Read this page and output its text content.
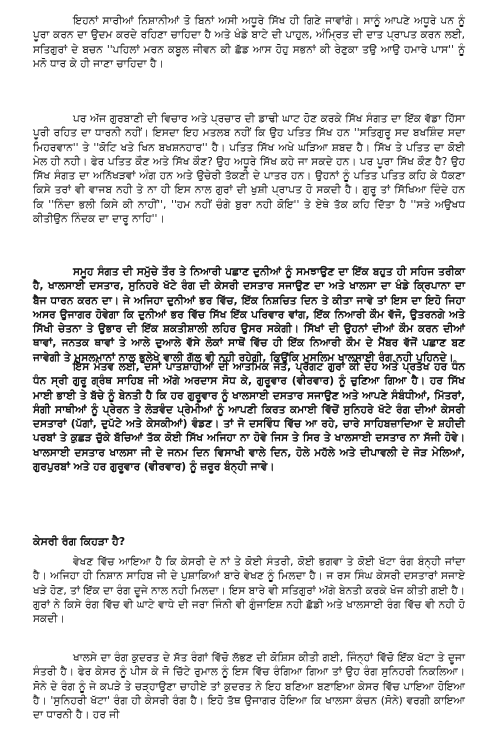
ਇਹਨਾਂ ਸਾਰੀਆਂ ਨਿਸ਼ਾਨੀਆਂ ਤੋ ਬਿਨਾਂ ਅਸੀ ਅਧੂਰੇ ਸਿੱਖ ਹੀ ਗਿਣੇ ਜਾਵਾਂਗੇ। ਸਾਨੂੰ ਆਪਣੇ ਅਧੂਰੇ ਪਨ ਨੂੰ ਪੂਰਾ ਕਰਨ ਦਾ ਉਦਮ ਕਰਦੇ ਰਹਿਣਾ ਚਾਹਿਦਾ ਹੈ ਅਤੇ ਖੰਡੇ ਬਾਟੇ ਦੀ ਪਾਹੁਲ, ਅੰਮ੍ਰਿਤ ਦੀ ਦਾਤ ਪ੍ਰਾਪਤ ਕਰਨ ਲਈ, ਸਤਿਗੁਰਾਂ ਦੇ ਬਚਨ ''ਪਹਿਲਾਂ ਮਰਨ ਕਬੂਲ ਜੀਵਨ ਕੀ ਛੱਡ ਆਸ ਹੋਹੁ ਸਭਨਾਂ ਕੀ ਰੇਣੁਕਾ ਤਉ ਆਉ ਹਮਾਰੇ ਪਾਸ'' ਨੂੰ ਮਨੋ ਧਾਰ ਕੇ ਹੀ ਜਾਣਾ ਚਾਹਿਦਾ ਹੈ।

ਪਰ ਅੱਜ ਗੁਰਬਾਣੀ ਦੀ ਵਿਚਾਰ ਅਤੇ ਪ੍ਰਚਾਰ ਦੀ ਡਾਢੀ ਘਾਟ ਹੋਣ ਕਰਕੇ ਸਿੱਖ ਸੰਗਤ ਦਾ ਇੱਕ ਵੱਡਾ ਹਿੱਸਾ ਪੂਰੀ ਰਹਿਤ ਦਾ ਧਾਰਨੀ ਨਹੀਂ। ਇਸਦਾ ਇਹ ਮਤਲਬ ਨਹੀਂ ਕਿ ਉਹ ਪਤਿਤ ਸਿੱਖ ਹਨ ''ਸਤਿਗੁਰੂ ਸਦ ਬਖਸ਼ਿੰਦ ਸਦਾ ਮਿਹਰਵਾਨ'' ਤੇ ''ਕੋਟਿ ਖਤੇ ਖਿਨ ਬਖਸ਼ਨਹਾਰ'' ਹੈ। ਪਤਿਤ ਸਿੱਖ ਅਖੇ ਘੜਿਆ ਸ਼ਬਦ ਹੈ। ਸਿੱਖ ਤੇ ਪਤਿਤ ਦਾ ਕੋਈ ਮੇਲ ਹੀ ਨਹੀ। ਫੇਰ ਪਤਿਤ ਕੌਣ ਅਤੇ ਸਿੱਖ ਕੌਣ? ਉਹ ਅਧੂਰੇ ਸਿੱਖ ਕਹੇ ਜਾ ਸਕਦੇ ਹਨ। ਪਰ ਪੂਰਾ ਸਿੱਖ ਕੌਣ ਹੈ? ਉਹ ਸਿੱਖ ਸੰਗਤ ਦਾ ਅਨਿੱਖੜਵਾਂ ਅੰਗ ਹਨ ਅਤੇ ਉਚੇਰੀ ਤੱਕਣੀ ਦੇ ਪਾਤਰ ਹਨ। ਉਹਨਾਂ ਨੂੰ ਪਤਿਤ ਪਤਿਤ ਕਹਿ ਕੇ ਧੱਕਣਾ ਕਿਸੇ ਤਰਾਂ ਵੀ ਵਾਜਬ ਨਹੀ ਤੇ ਨਾ ਹੀ ਇਸ ਨਾਲ ਗੁਰਾਂ ਦੀ ਖੁਸ਼ੀ ਪ੍ਰਾਪਤ ਹੋ ਸਕਦੀ ਹੈ। ਗੁਰੂ ਤਾਂ ਸਿੱਖਿਆ ਦਿੰਦੇ ਹਨ ਕਿ ''ਨਿੰਦਾ ਭਲੀ ਕਿਸੇ ਕੀ ਨਾਹੀਂ'', ''ਹਮ ਨਹੀਂ ਚੰਗੇ ਬੁਰਾ ਨਹੀ ਕੋਇ'' ਤੇ ਏਥੇ ਤੱਕ ਕਹਿ ਦਿੱਤਾ ਹੈ ''ਸਤੇ ਅਉਖਧ ਕੀਤੀਉਨ ਨਿੰਦਕ ਦਾ ਦਾਰੂ ਨਾਹਿ''।

ਸਮੂਹ ਸੰਗਤ ਦੀ ਸਮੁੱਚੇ ਤੌਰ ਤੇ ਨਿਆਰੀ ਪਛਾਣ ਦੁਨੀਆਂ ਨੂੰ ਸਮਝਾਉਣ ਦਾ ਇੱਕ ਬਹੁਤ ਹੀ ਸਹਿਜ ਤਰੀਕਾ ਹੈ, ਖਾਲਸਾਈ ਦਸਤਾਰ, ਸੁਨਿਹਰੇ ਖੱਟੇ ਰੰਗ ਦੀ ਕੇਸਰੀ ਦਸਤਾਰ ਸਜਾਉਣ ਦਾ ਅਤੇ ਖਾਲਸਾ ਦਾ ਖੰਡੇ ਕ੍ਰਿਪਾਨਾ ਦਾ ਬੈਜ ਧਾਰਨ ਕਰਨ ਦਾ। ਜੇ ਅਜਿਹਾ ਦੁਨੀਆਂ ਭਰ ਵਿੱਚ, ਇੱਕ ਨਿਸ਼ਚਿਤ ਦਿਨ ਤੇ ਕੀਤਾ ਜਾਵੇ ਤਾਂ ਇਸ ਦਾ ਇਹੋ ਜਿਹਾ ਅਸਰ ਉਜਾਗਰ ਹੋਵੇਗਾ ਕਿ ਦੁਨੀਆਂ ਭਰ ਵਿੱਚ ਸਿੱਖ ਇੱਕ ਪਰਿਵਾਰ ਵਾਂਗ, ਇੱਕ ਨਿਆਰੀ ਕੌਮ ਵੱਜੋ, ਉਤਰਨਗੇ ਅਤੇ ਸਿੱਖੀ ਚੇਤਨਾ ਤੇ ਉਭਾਰ ਦੀ ਇੱਕ ਸ਼ਕਤੀਸ਼ਾਲੀ ਲਹਿਰ ਉਸਰ ਸਕੇਗੀ। ਸਿੱਖਾਂ ਦੀ ਉਹਨਾਂ ਦੀਆਂ ਕੌਮ ਕਰਨ ਦੀਆਂ ਥਾਵਾਂ, ਜਨਤਕ ਥਾਵਾਂ ਤੇ ਆਲੇ ਦੁਆਲੇ ਵੱਸੇ ਲੋਕਾਂ ਸਾਥੋਂ ਵਿੱਚ ਹੀ ਇੱਕ ਨਿਆਰੀ ਕੌਮ ਦੇ ਮੈਂਬਰ ਵੱਜੋਂ ਪਛਾਣ ਬਣ ਜਾਵੇਗੀ ਤੇ ਮੁਸਲਮਾਨਾਂ ਨਾਲ ਭੁਲੇਖੇ ਵਾਲੀ ਗੱਲ ਵੀ ਨਹੀ ਰਹੇਗੀ, ਕਿਉਂਕਿ ਮੁਸਲਿਮ ਖਾਲਸਾਈ ਰੰਗ ਨਹੀ ਪਹਿਨਦੇ।

ਇਸ ਮੰਤਵ ਲਈ, ਦਸਾਂ ਪਾਤਸ਼ਾਹੀਆਂ ਦੀ ਆਤਮਿਕ ਜੋਤ, ਪ੍ਰਗਟ ਗੁਰਾਂ ਕੀ ਦੇਹ ਅਤੇ ਪ੍ਰਤੱਖ ਹਰ ਧੰਨ ਧੰਨ ਸ੍ਰੀ ਗੁਰੂ ਗ੍ਰੰਥ ਸਾਹਿਬ ਜੀ ਅੱਗੇ ਅਰਦਾਸ ਸੋਧ ਕੇ, ਗੁਰੂਵਾਰ (ਵੀਰਵਾਰ) ਨੂੰ ਚੁਣਿਆ ਗਿਆ ਹੈ। ਹਰ ਸਿੱਖ ਮਾਈ ਭਾਈ ਤੇ ਬੱਚੇ ਨੂੰ ਬੇਨਤੀ ਹੈ ਕਿ ਹਰ ਗੁਰੂਵਾਰ ਨੂੰ ਖਾਲਸਾਈ ਦਸਤਾਰ ਸਜਾਉਣ ਅਤੇ ਆਪਣੇ ਸੰਬੰਧੀਆਂ, ਮਿੱਤਰਾਂ, ਸੰਗੀ ਸਾਥੀਆਂ ਨੂੰ ਪ੍ਰੇਰਨ ਤੇ ਲੋੜਵੰਦ ਪ੍ਰੇਮੀਆਂ ਨੂੰ ਆਪਣੀ ਕਿਰਤ ਕਮਾਈ ਵਿੱਚੋਂ ਸੁਨਿਹਰੇ ਖੱਟੇ ਰੰਗ ਦੀਆਂ ਕੇਸਰੀ ਦਸਤਾਰਾਂ (ਪੱਗਾਂ, ਦੁਪੱਟੇ ਅਤੇ ਕੇਸਕੀਆਂ) ਵੰਡਣ। ਤਾਂ ਜੋ ਦਸਵਿੰਧ ਵਿੱਚ ਆ ਰਹੇ, ਚਾਰੇ ਸਾਹਿਬਜ਼ਾਦਿਆ ਦੇ ਸ਼ਹੀਦੀ ਪਰਬਾਂ ਤੇ ਕੁਛੜ ਚੁੱਕੇ ਬੱਚਿਆਂ ਤੱਕ ਕੋਈ ਸਿੱਖ ਅਜਿਹਾ ਨਾ ਹੋਵੇ ਜਿਸ ਤੇ ਸਿਰ ਤੇ ਖਾਲਸਾਈ ਦਸਤਾਰ ਨਾ ਸੱਜੀ ਹੋਵੇ। ਖਾਲਸਾਈ ਦਸਤਾਰ ਖਾਲਸਾ ਜੀ ਦੇ ਜਨਮ ਦਿਨ ਵਿਸਾਖੀ ਵਾਲੇ ਦਿਨ, ਹੋਲੇ ਮਹੱਲੇ ਅਤੇ ਦੀਪਾਵਲੀ ਦੇ ਜੋੜ ਮੇਲਿਆਂ, ਗੁਰਪੁਰਬਾਂ ਅਤੇ ਹਰ ਗੁਰੂਵਾਰ (ਵੀਰਵਾਰ) ਨੂੰ ਜ਼ਰੂਰ ਬੰਨ੍ਹੀ ਜਾਵੇ।

ਕੇਸਰੀ ਰੰਗ ਕਿਹੜਾ ਹੈ?

ਵੇਖਣ ਵਿੱਚ ਆਇਆ ਹੈ ਕਿ ਕੇਸਰੀ ਦੇ ਨਾਂ ਤੇ ਕੋਈ ਸੰਤਰੀ, ਕੋਈ ਭਗਵਾ ਤੇ ਕੋਈ ਖੱਟਾ ਰੰਗ ਬੰਨ੍ਹੀ ਜਾਂਦਾ ਹੈ। ਅਜਿਹਾ ਹੀ ਨਿਸ਼ਾਨ ਸਾਹਿਬ ਜੀ ਦੇ ਪੁਸ਼ਾਕਿਆਂ ਬਾਰੇ ਵੇਖਣ ਨੂੰ ਮਿਲਦਾ ਹੈ। ਜ ਰਸ ਸਿੰਘ ਕੇਸਰੀ ਦਸਤਾਰਾਂ ਸਜਾਏ ਖੜੇ ਹੋਣ, ਤਾਂ ਇੱਕ ਦਾ ਰੰਗ ਦੂਜੇ ਨਾਲ ਨਹੀ ਮਿਲਦਾ। ਇਸ ਬਾਰੇ ਵੀ ਸਤਿਗੁਰਾਂ ਅੱਗੇ ਬੇਨਤੀ ਕਰਕੇ ਖੋਜ ਕੀਤੀ ਗਈ ਹੈ। ਗੁਰਾਂ ਨੇ ਕਿਸੇ ਰੰਗ ਵਿੱਚ ਵੀ ਘਾਟੇ ਵਾਧੇ ਦੀ ਜਰਾ ਜਿੰਨੀ ਵੀ ਗੁੰਜਾਇਸ਼ ਨਹੀ ਛੱਡੀ ਅਤੇ ਖਾਲਸਾਈ ਰੰਗ ਵਿੱਚ ਵੀ ਨਹੀ ਹੋ ਸਕਦੀ।

ਖਾਲਸੇ ਦਾ ਰੰਗ ਕੁਦਰਤ ਦੇ ਸੱਤ ਰੰਗਾਂ ਵਿੱਚੋ ਲੱਭਣ ਦੀ ਕੋਸ਼ਿਸ ਕੀਤੀ ਗਈ, ਜਿੰਨ੍ਹਾਂ ਵਿੱਚੋ ਇੱਕ ਖੱਟਾ ਤੇ ਦੂਜਾ ਸੰਤਰੀ ਹੈ। ਫੇਰ ਕੇਸਰ ਨੂੰ ਪੀਸ ਕੇ ਜੋ ਚਿੱਟੇ ਰੁਮਾਲ ਨੂੰ ਇਸ ਵਿੱਚ ਰੰਗਿਆ ਗਿਆ ਤਾਂ ਉਹ ਰੰਗ ਸੁਨਿਹਰੀ ਨਿਕਲਿਆ। ਸੋਨੇ ਦੇ ਰੰਗ ਨੂੰ ਜੇ ਕਪੜੇ ਤੇ ਚੜ੍ਹਾਉਣਾ ਚਾਹੀਏ ਤਾਂ ਕੁਦਰਤ ਨੇ ਇਹ ਬਣਿਆ ਬਣਾਇਆ ਕੇਸਰ ਵਿੱਚ ਪਾਇਆ ਹੋਇਆ ਹੈ। 'ਸੁਨਿਹਰੀ ਖੱਟਾ' ਰੰਗ ਹੀ ਕੇਸਰੀ ਰੰਗ ਹੈ। ਇਹੋ ਤੱਥ ਉਜਾਗਰ ਹੋਇਆ ਕਿ ਖਾਲਸਾ ਕੰਚਨ (ਸੋਨੇ) ਵਰਗੀ ਕਾਇਆ ਦਾ ਧਾਰਨੀ ਹੈ। ਹਰ ਜੀ
